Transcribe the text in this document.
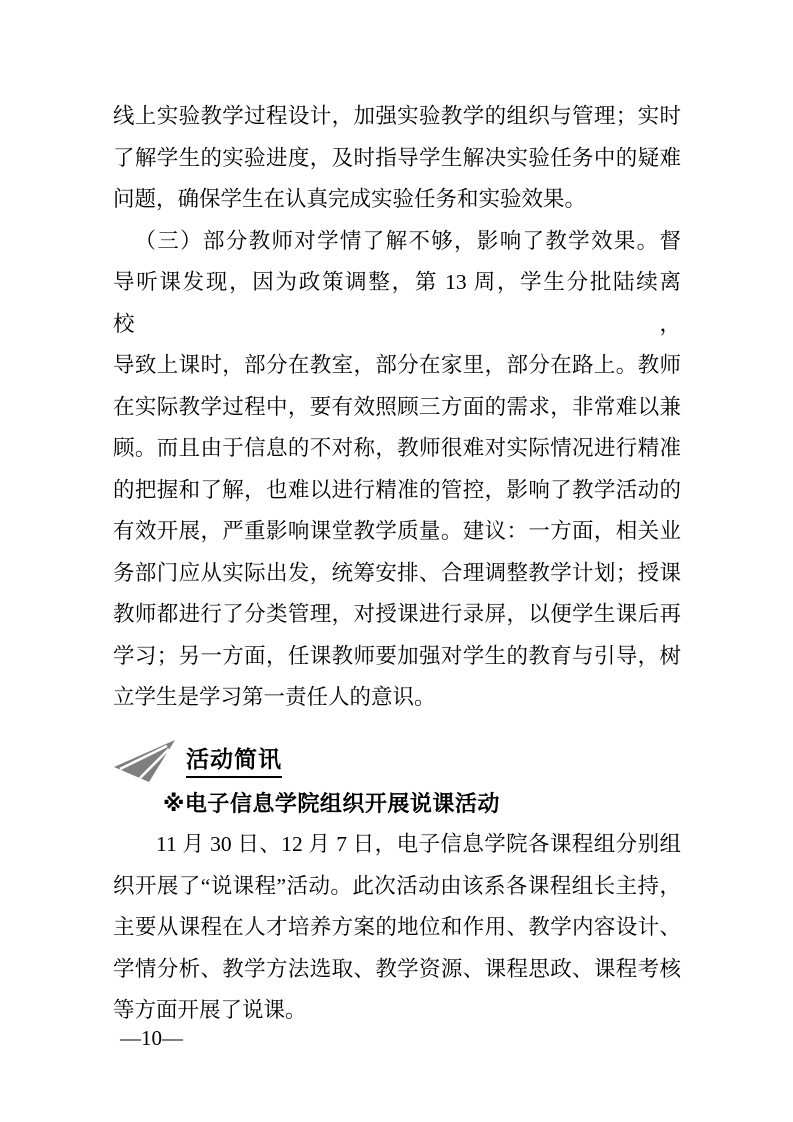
线上实验教学过程设计，加强实验教学的组织与管理；实时
了解学生的实验进度，及时指导学生解决实验任务中的疑难
问题，确保学生在认真完成实验任务和实验效果。
（三）部分教师对学情了解不够，影响了教学效果。督
导听课发现，因为政策调整，第 13 周，学生分批陆续离校，
导致上课时，部分在教室，部分在家里，部分在路上。教师
在实际教学过程中，要有效照顾三方面的需求，非常难以兼
顾。而且由于信息的不对称，教师很难对实际情况进行精准
的把握和了解，也难以进行精准的管控，影响了教学活动的
有效开展，严重影响课堂教学质量。建议：一方面，相关业
务部门应从实际出发，统筹安排、合理调整教学计划；授课
教师都进行了分类管理，对授课进行录屏，以便学生课后再
学习；另一方面，任课教师要加强对学生的教育与引导，树
立学生是学习第一责任人的意识。
活动简讯
※电子信息学院组织开展说课活动
11 月 30 日、12 月 7 日，电子信息学院各课程组分别组
织开展了“说课程”活动。此次活动由该系各课程组长主持，
主要从课程在人才培养方案的地位和作用、教学内容设计、
学情分析、教学方法选取、教学资源、课程思政、课程考核
等方面开展了说课。
—10—
